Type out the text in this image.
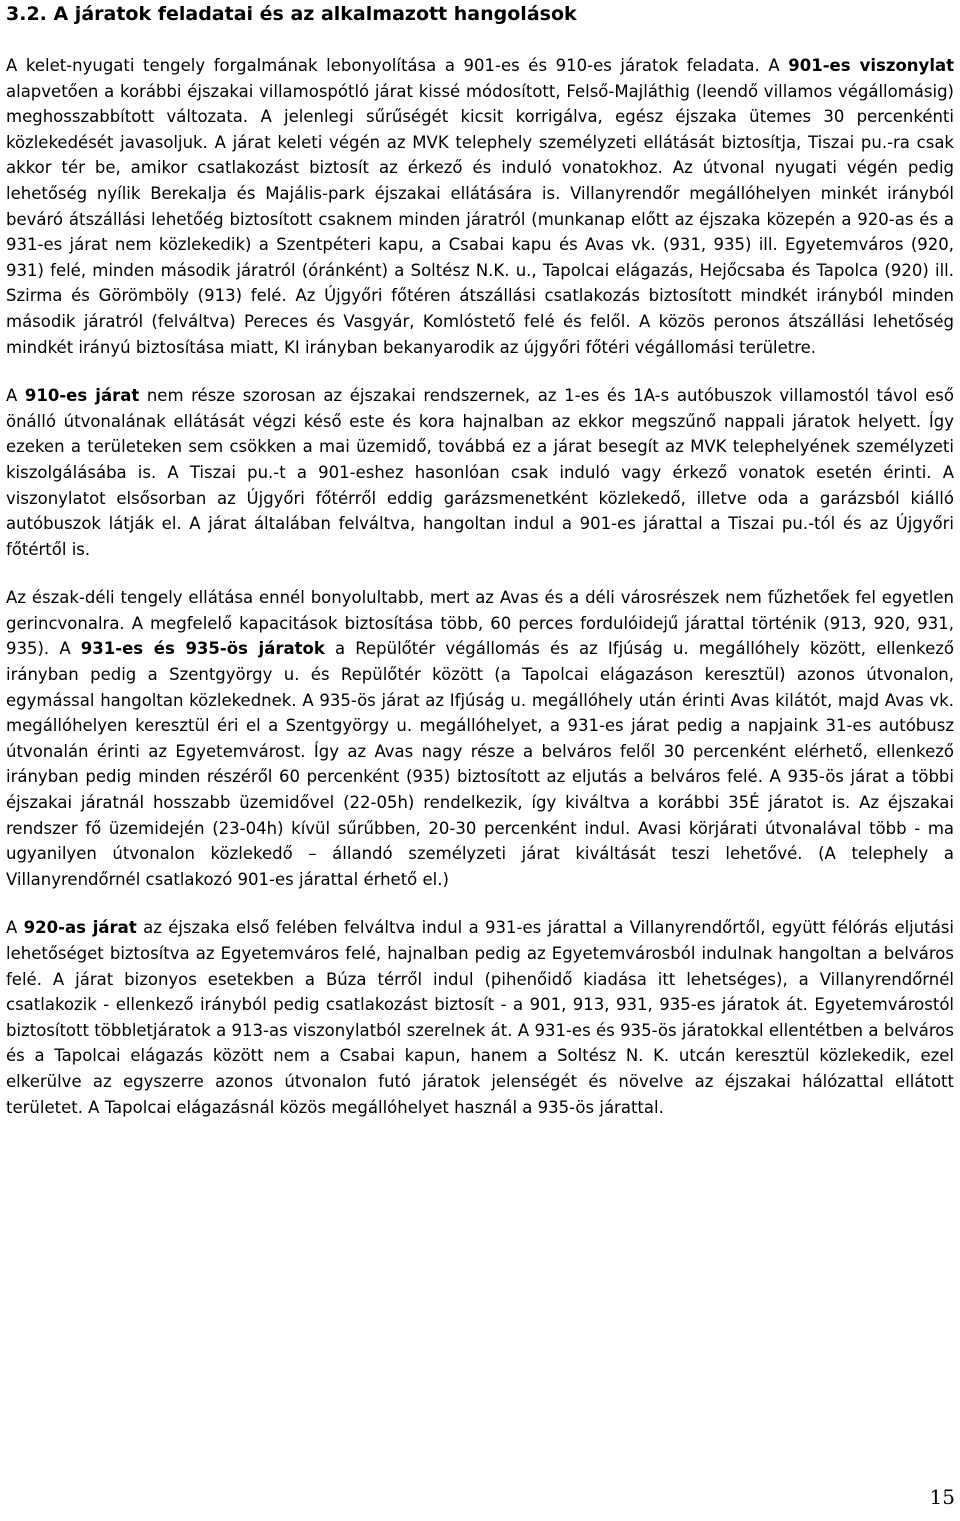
3.2. A járatok feladatai és az alkalmazott hangolások

A kelet-nyugati tengely forgalmának lebonyolítása a 901-es és 910-es járatok feladata. A 901-es viszonylat alapvetően a korábbi éjszakai villamospótló járat kissé módosított, Felső-Majláthig (leendő villamos végállomásig) meghosszabbított változata. A jelenlegi sűrűségét kicsit korrigálva, egész éjszaka ütemes 30 percenkénti közlekedését javasoljuk. A járat keleti végén az MVK telephely személyzeti ellátását biztosítja, Tiszai pu.-ra csak akkor tér be, amikor csatlakozást biztosít az érkező és induló vonatokhoz. Az útvonal nyugati végén pedig lehetőség nyílik Berekalja és Majális-park éjszakai ellátására is. Villanyrendőr megállóhelyen minkét irányból beváró átszállási lehetőég biztosított csaknem minden járatról (munkanap előtt az éjszaka közepén a 920-as és a 931-es járat nem közlekedik) a Szentpéteri kapu, a Csabai kapu és Avas vk. (931, 935) ill. Egyetemváros (920, 931) felé, minden második járatról (óránként) a Soltész N.K. u., Tapolcai elágazás, Hejőcsaba és Tapolca (920) ill. Szirma és Görömböly (913) felé. Az Újgyőri főtéren átszállási csatlakozás biztosított mindkét irányból minden második járatról (felváltva) Pereces és Vasgyár, Komlóstető felé és felől. A közös peronos átszállási lehetőség mindkét irányú biztosítása miatt, KI irányban bekanyarodik az újgyőri főtéri végállomási területre.

A 910-es járat nem része szorosan az éjszakai rendszernek, az 1-es és 1A-s autóbuszok villamostól távol eső önálló útvonalának ellátását végzi késő este és kora hajnalban az ekkor megszűnő nappali járatok helyett. Így ezeken a területeken sem csökken a mai üzemidő, továbbá ez a járat besegít az MVK telephelyének személyzeti kiszolgálásába is. A Tiszai pu.-t a 901-eshez hasonlóan csak induló vagy érkező vonatok esetén érinti. A viszonylatot elsősorban az Újgyőri főtérről eddig garázsmenetként közlekedő, illetve oda a garázsból kiálló autóbuszok látják el. A járat általában felváltva, hangoltan indul a 901-es járattal a Tiszai pu.-tól és az Újgyőri főtértől is.

Az észak-déli tengely ellátása ennél bonyolultabb, mert az Avas és a déli városrészek nem fűzhetőek fel egyetlen gerincvonalra. A megfelelő kapacitások biztosítása több, 60 perces fordulóidejű járattal történik (913, 920, 931, 935). A 931-es és 935-ös járatok a Repülőtér végállomás és az Ifjúság u. megállóhely között, ellenkező irányban pedig a Szentgyörgy u. és Repülőtér között (a Tapolcai elágazáson keresztül) azonos útvonalon, egymással hangoltan közlekednek. A 935-ös járat az Ifjúság u. megállóhely után érinti Avas kilátót, majd Avas vk. megállóhelyen keresztül éri el a Szentgyörgy u. megállóhelyet, a 931-es járat pedig a napjaink 31-es autóbusz útvonalán érinti az Egyetemvárost. Így az Avas nagy része a belváros felől 30 percenként elérhető, ellenkező irányban pedig minden részéről 60 percenként (935) biztosított az eljutás a belváros felé. A 935-ös járat a többi éjszakai járatnál hosszabb üzemidővel (22-05h) rendelkezik, így kiváltva a korábbi 35É járatot is. Az éjszakai rendszer fő üzemidején (23-04h) kívül sűrűbben, 20-30 percenként indul. Avasi körjárati útvonalával több - ma ugyanilyen útvonalon közlekedő – állandó személyzeti járat kiváltását teszi lehetővé. (A telephely a Villanyrendőrnél csatlakozó 901-es járattal érhető el.)

A 920-as járat az éjszaka első felében felváltva indul a 931-es járattal a Villanyrendőrtől, együtt félórás eljutási lehetőséget biztosítva az Egyetemváros felé, hajnalban pedig az Egyetemvárosból indulnak hangoltan a belváros felé. A járat bizonyos esetekben a Búza térről indul (pihenőidő kiadása itt lehetséges), a Villanyrendőrnél csatlakozik - ellenkező irányból pedig csatlakozást biztosít - a 901, 913, 931, 935-es járatok át. Egyetemvárostól biztosított többletjáratok a 913-as viszonylatból szerelnek át. A 931-es és 935-ös járatokkal ellentétben a belváros és a Tapolcai elágazás között nem a Csabai kapun, hanem a Soltész N. K. utcán keresztül közlekedik, ezel elkerülve az egyszerre azonos útvonalon futó járatok jelenségét és növelve az éjszakai hálózattal ellátott területet. A Tapolcai elágazásnál közös megállóhelyet használ a 935-ös járattal.

15
